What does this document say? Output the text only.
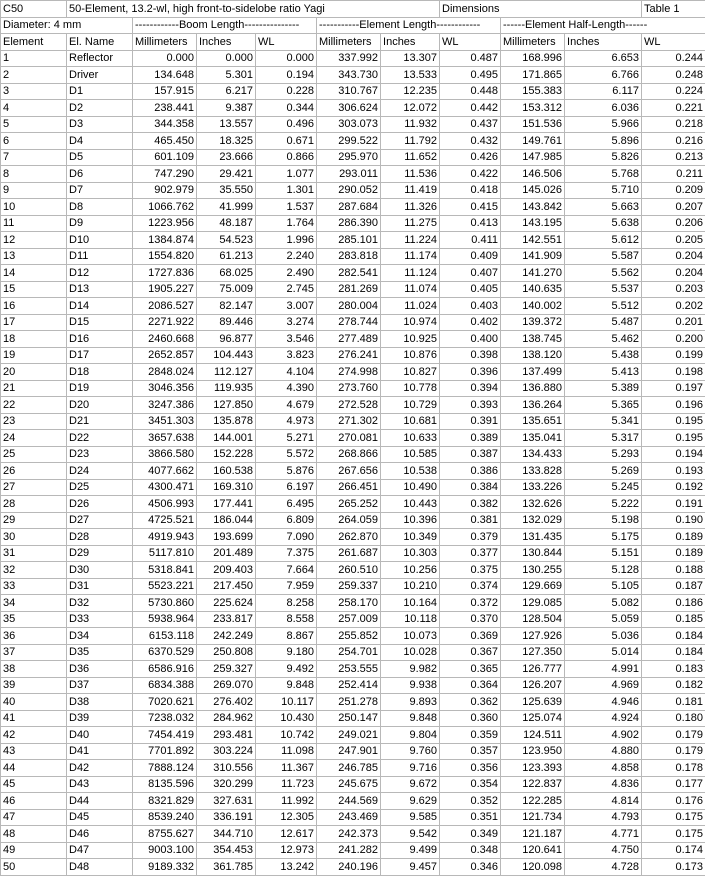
C50	50-Element, 13.2-wl, high front-to-sidelobe ratio Yagi						Dimensions			Table 1
Diameter: 4 mm		------------Boom Length---------------			-----------Element Length------------			------Element Half-Length------		
Element	El. Name	Millimeters	Inches	WL	Millimeters	Inches	WL	Millimeters	Inches	WL
1	Reflector	0.000	0.000	0.000	337.992	13.307	0.487	168.996	6.653	0.244
2	Driver	134.648	5.301	0.194	343.730	13.533	0.495	171.865	6.766	0.248
3	D1	157.915	6.217	0.228	310.767	12.235	0.448	155.383	6.117	0.224
4	D2	238.441	9.387	0.344	306.624	12.072	0.442	153.312	6.036	0.221
5	D3	344.358	13.557	0.496	303.073	11.932	0.437	151.536	5.966	0.218
6	D4	465.450	18.325	0.671	299.522	11.792	0.432	149.761	5.896	0.216
7	D5	601.109	23.666	0.866	295.970	11.652	0.426	147.985	5.826	0.213
8	D6	747.290	29.421	1.077	293.011	11.536	0.422	146.506	5.768	0.211
9	D7	902.979	35.550	1.301	290.052	11.419	0.418	145.026	5.710	0.209
10	D8	1066.762	41.999	1.537	287.684	11.326	0.415	143.842	5.663	0.207
11	D9	1223.956	48.187	1.764	286.390	11.275	0.413	143.195	5.638	0.206
12	D10	1384.874	54.523	1.996	285.101	11.224	0.411	142.551	5.612	0.205
13	D11	1554.820	61.213	2.240	283.818	11.174	0.409	141.909	5.587	0.204
14	D12	1727.836	68.025	2.490	282.541	11.124	0.407	141.270	5.562	0.204
15	D13	1905.227	75.009	2.745	281.269	11.074	0.405	140.635	5.537	0.203
16	D14	2086.527	82.147	3.007	280.004	11.024	0.403	140.002	5.512	0.202
17	D15	2271.922	89.446	3.274	278.744	10.974	0.402	139.372	5.487	0.201
18	D16	2460.668	96.877	3.546	277.489	10.925	0.400	138.745	5.462	0.200
19	D17	2652.857	104.443	3.823	276.241	10.876	0.398	138.120	5.438	0.199
20	D18	2848.024	112.127	4.104	274.998	10.827	0.396	137.499	5.413	0.198
21	D19	3046.356	119.935	4.390	273.760	10.778	0.394	136.880	5.389	0.197
22	D20	3247.386	127.850	4.679	272.528	10.729	0.393	136.264	5.365	0.196
23	D21	3451.303	135.878	4.973	271.302	10.681	0.391	135.651	5.341	0.195
24	D22	3657.638	144.001	5.271	270.081	10.633	0.389	135.041	5.317	0.195
25	D23	3866.580	152.228	5.572	268.866	10.585	0.387	134.433	5.293	0.194
26	D24	4077.662	160.538	5.876	267.656	10.538	0.386	133.828	5.269	0.193
27	D25	4300.471	169.310	6.197	266.451	10.490	0.384	133.226	5.245	0.192
28	D26	4506.993	177.441	6.495	265.252	10.443	0.382	132.626	5.222	0.191
29	D27	4725.521	186.044	6.809	264.059	10.396	0.381	132.029	5.198	0.190
30	D28	4919.943	193.699	7.090	262.870	10.349	0.379	131.435	5.175	0.189
31	D29	5117.810	201.489	7.375	261.687	10.303	0.377	130.844	5.151	0.189
32	D30	5318.841	209.403	7.664	260.510	10.256	0.375	130.255	5.128	0.188
33	D31	5523.221	217.450	7.959	259.337	10.210	0.374	129.669	5.105	0.187
34	D32	5730.860	225.624	8.258	258.170	10.164	0.372	129.085	5.082	0.186
35	D33	5938.964	233.817	8.558	257.009	10.118	0.370	128.504	5.059	0.185
36	D34	6153.118	242.249	8.867	255.852	10.073	0.369	127.926	5.036	0.184
37	D35	6370.529	250.808	9.180	254.701	10.028	0.367	127.350	5.014	0.184
38	D36	6586.916	259.327	9.492	253.555	9.982	0.365	126.777	4.991	0.183
39	D37	6834.388	269.070	9.848	252.414	9.938	0.364	126.207	4.969	0.182
40	D38	7020.621	276.402	10.117	251.278	9.893	0.362	125.639	4.946	0.181
41	D39	7238.032	284.962	10.430	250.147	9.848	0.360	125.074	4.924	0.180
42	D40	7454.419	293.481	10.742	249.021	9.804	0.359	124.511	4.902	0.179
43	D41	7701.892	303.224	11.098	247.901	9.760	0.357	123.950	4.880	0.179
44	D42	7888.124	310.556	11.367	246.785	9.716	0.356	123.393	4.858	0.178
45	D43	8135.596	320.299	11.723	245.675	9.672	0.354	122.837	4.836	0.177
46	D44	8321.829	327.631	11.992	244.569	9.629	0.352	122.285	4.814	0.176
47	D45	8539.240	336.191	12.305	243.469	9.585	0.351	121.734	4.793	0.175
48	D46	8755.627	344.710	12.617	242.373	9.542	0.349	121.187	4.771	0.175
49	D47	9003.100	354.453	12.973	241.282	9.499	0.348	120.641	4.750	0.174
50	D48	9189.332	361.785	13.242	240.196	9.457	0.346	120.098	4.728	0.173
